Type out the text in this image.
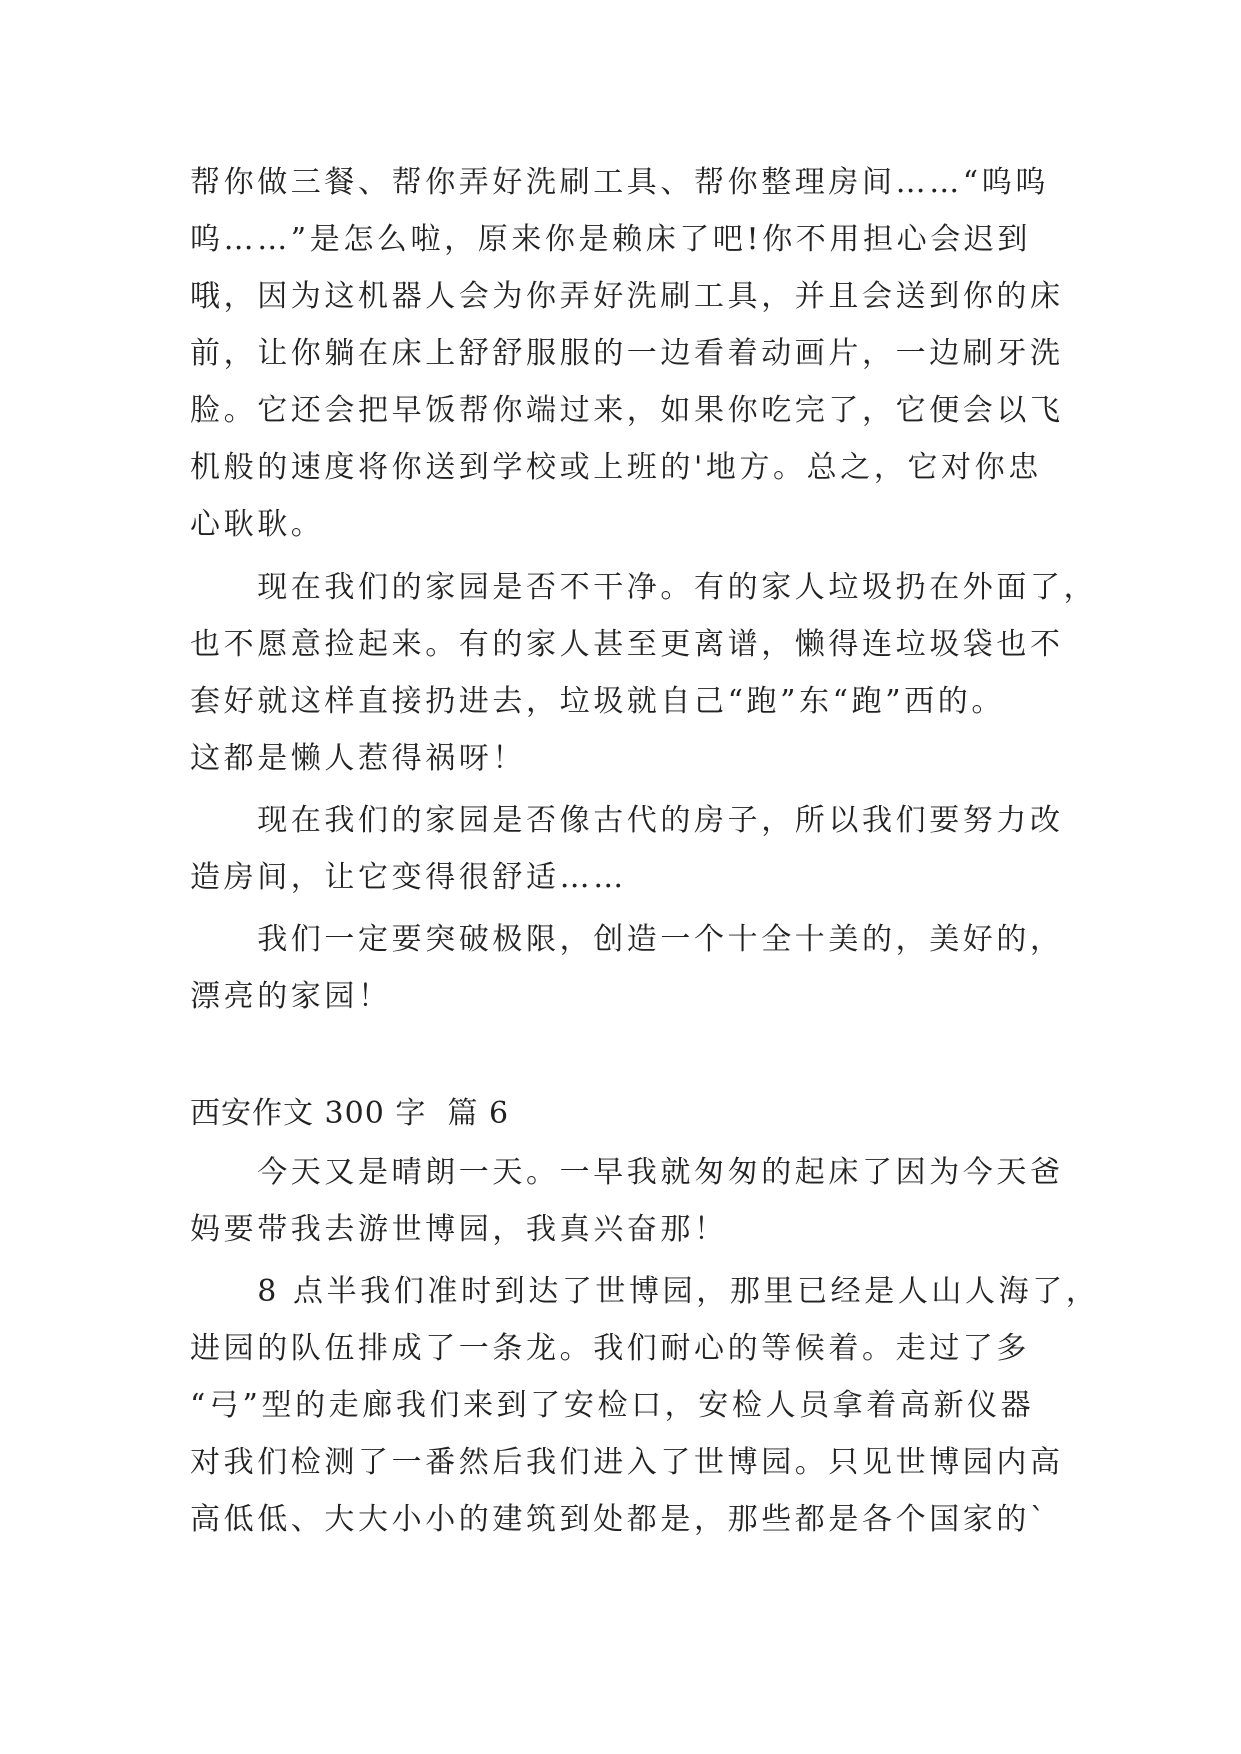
帮你做三餐、帮你弄好洗刷工具、帮你整理房间……“呜呜
呜……”是怎么啦，原来你是赖床了吧!你不用担心会迟到
哦，因为这机器人会为你弄好洗刷工具，并且会送到你的床
前，让你躺在床上舒舒服服的一边看着动画片，一边刷牙洗
脸。它还会把早饭帮你端过来，如果你吃完了，它便会以飞
机般的速度将你送到学校或上班的'地方。总之，它对你忠
心耿耿。
　　现在我们的家园是否不干净。有的家人垃圾扔在外面了，
也不愿意捡起来。有的家人甚至更离谱，懒得连垃圾袋也不
套好就这样直接扔进去，垃圾就自己“跑”东“跑”西的。
这都是懒人惹得祸呀！
　　现在我们的家园是否像古代的房子，所以我们要努力改
造房间，让它变得很舒适……
　　我们一定要突破极限，创造一个十全十美的，美好的，
漂亮的家园！
西安作文 300 字  篇 6
　　今天又是晴朗一天。一早我就匆匆的起床了因为今天爸
妈要带我去游世博园，我真兴奋那！
　　8 点半我们准时到达了世博园，那里已经是人山人海了，
进园的队伍排成了一条龙。我们耐心的等候着。走过了多
“弓”型的走廊我们来到了安检口，安检人员拿着高新仪器
对我们检测了一番然后我们进入了世博园。只见世博园内高
高低低、大大小小的建筑到处都是，那些都是各个国家的`
